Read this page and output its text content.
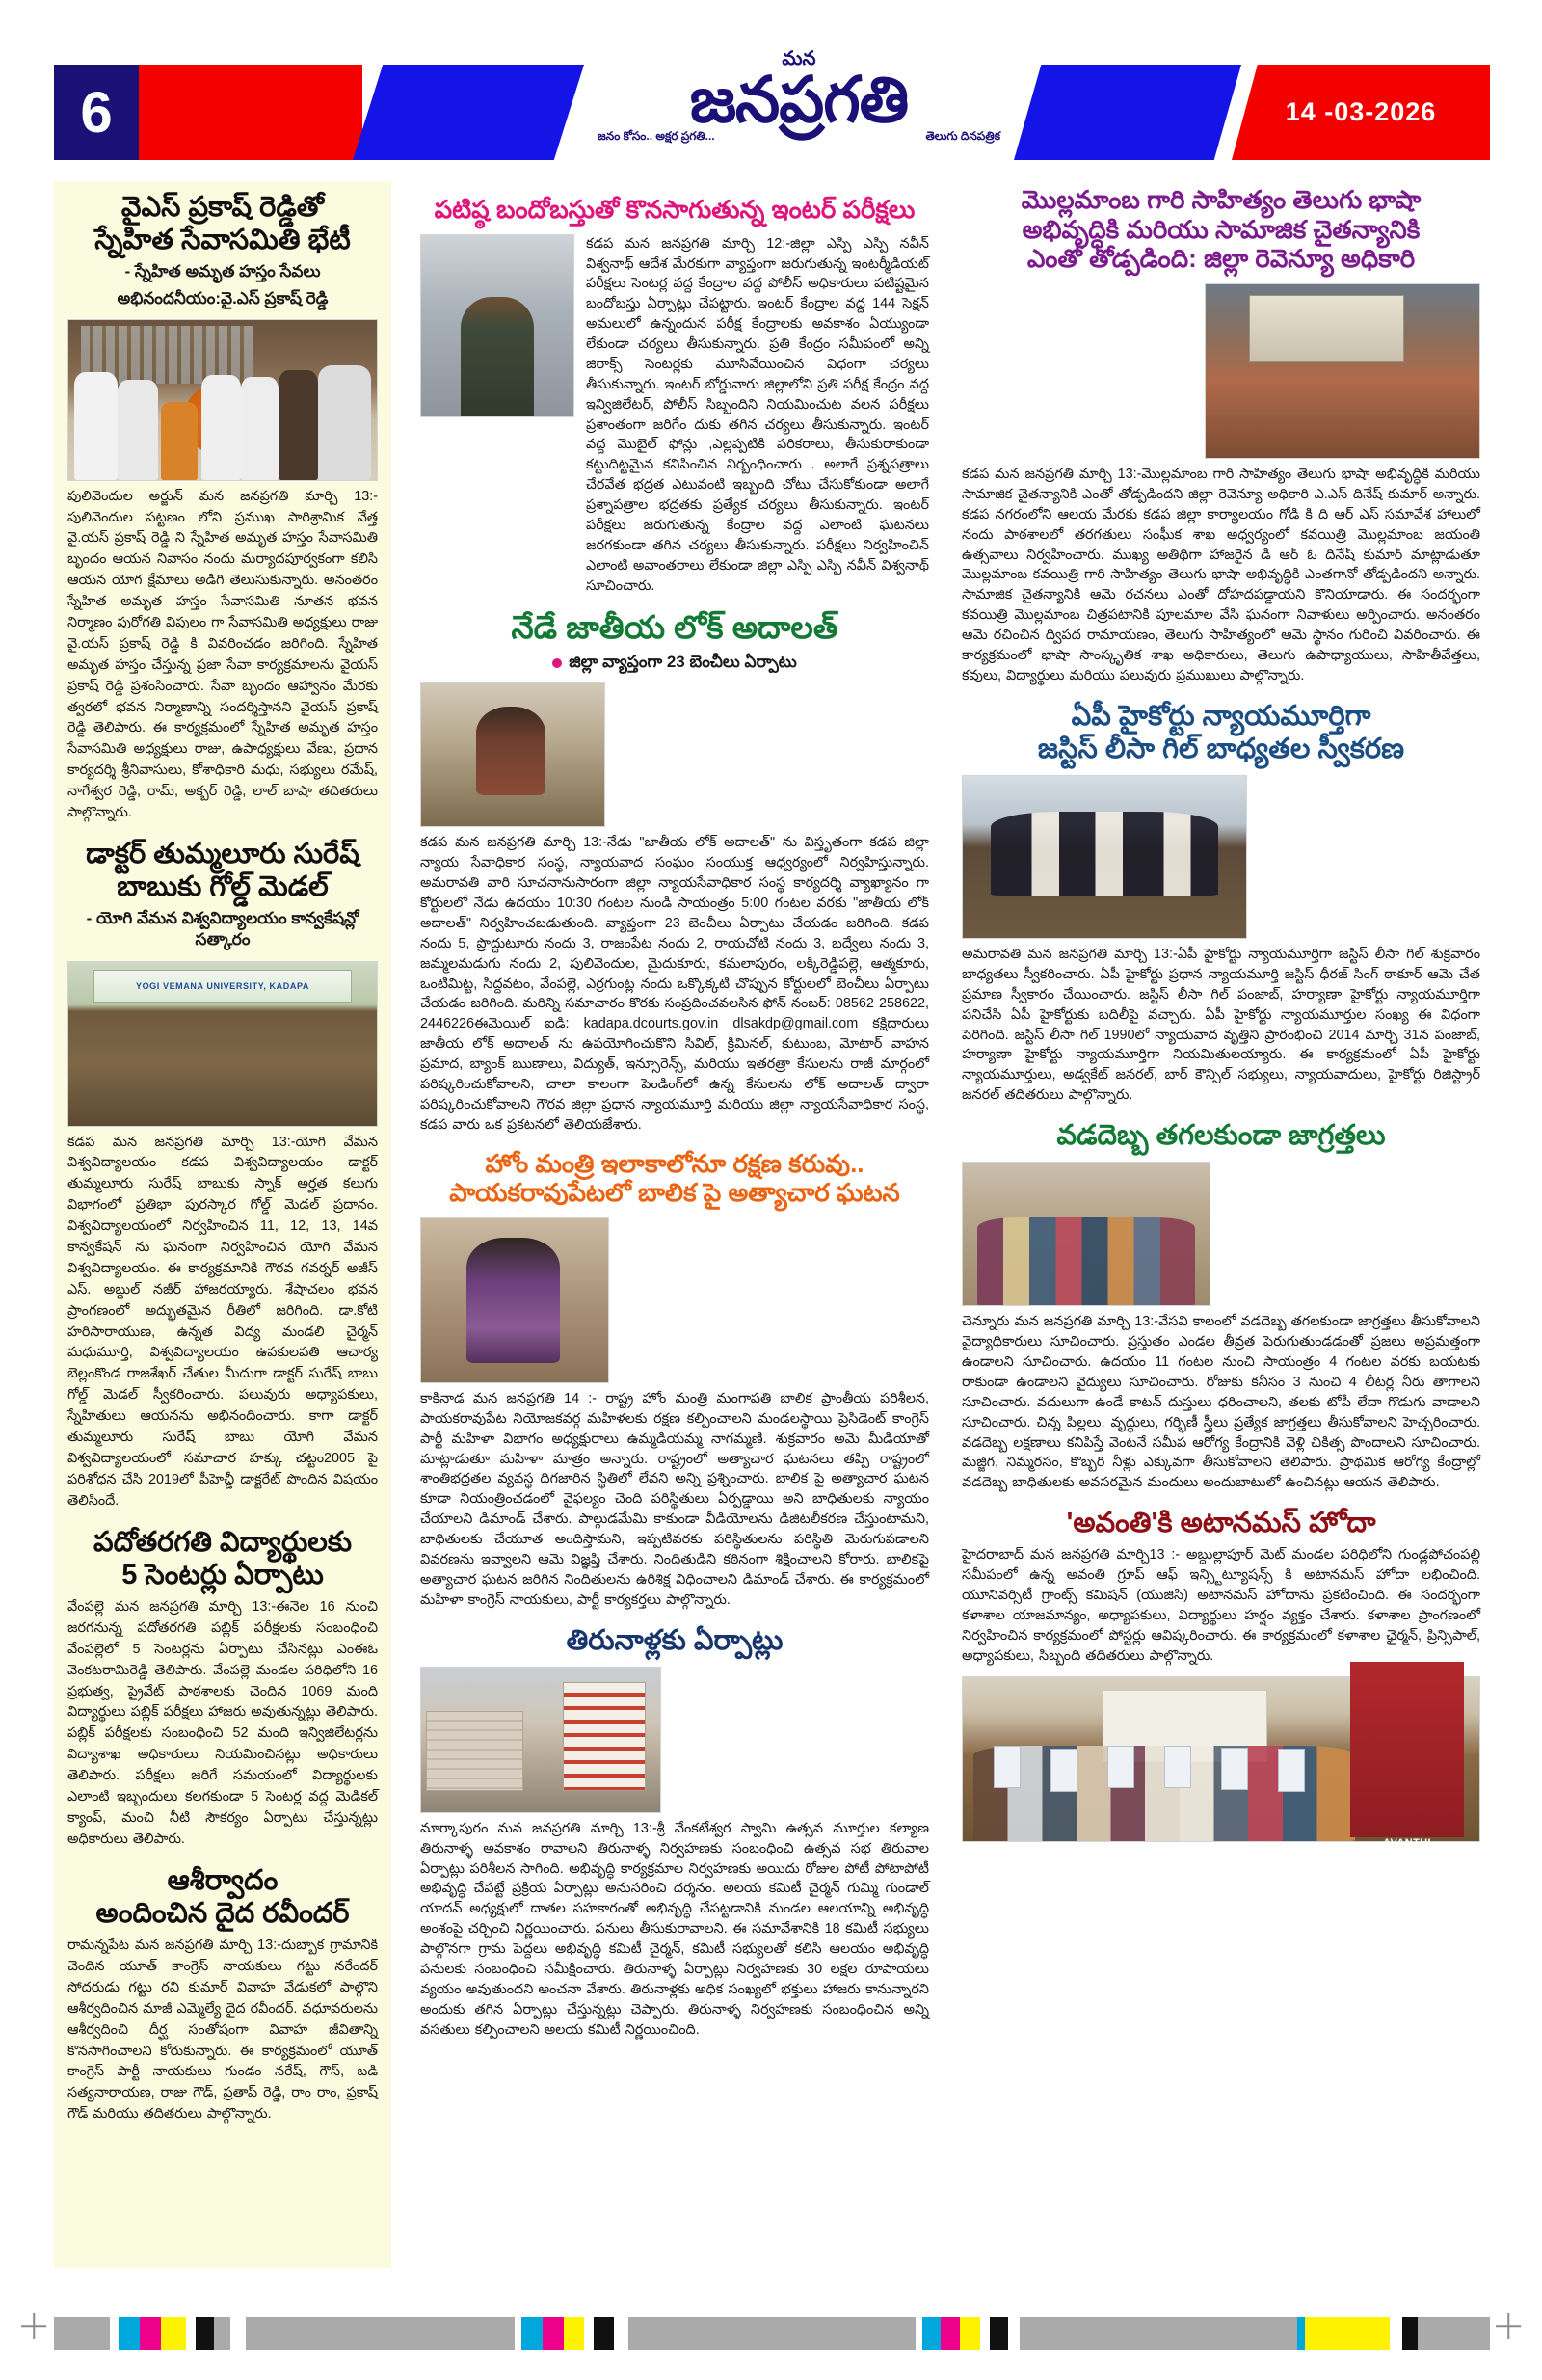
6
మన
జనప్రగతి
జనం కోసం.. అక్షర ప్రగతి...	తెలుగు దినపత్రిక
14 -03-2026
వైఎస్ ప్రకాష్ రెడ్డితో
స్నేహిత సేవాసమితి భేటీ
- స్నేహిత అమృత హస్తం సేవలు
అభినందనీయం:వై.ఎస్ ప్రకాష్ రెడ్డి
పులివెందుల అర్జున్ మన జనప్రగతి మార్చి 13:- పులివెందుల పట్టణం లోని ప్రముఖ పారిశ్రామిక వేత్త వై.యస్ ప్రకాష్ రెడ్డి ని స్నేహిత అమృత హస్తం సేవాసమితి బృందం ఆయన నివాసం నందు మర్యాదపూర్వకంగా కలిసి ఆయన యోగ క్షేమాలు అడిగి తెలుసుకున్నారు. అనంతరం స్నేహిత అమృత హస్తం సేవాసమితి నూతన భవన నిర్మాణం పురోగతి విపులం గా సేవాసమితి అధ్యక్షులు రాజు వై.యస్ ప్రకాష్ రెడ్డి కి వివరించడం జరిగింది. స్నేహిత అమృత హస్తం చేస్తున్న ప్రజా సేవా కార్యక్రమాలను వైయస్ ప్రకాష్ రెడ్డి ప్రశంసించారు. సేవా బృందం ఆహ్వానం మేరకు త్వరలో భవన నిర్మాణాన్ని సందర్శిస్తానని వైయస్ ప్రకాష్ రెడ్డి తెలిపారు. ఈ కార్యక్రమంలో స్నేహిత అమృత హస్తం సేవాసమితి అధ్యక్షులు రాజు, ఉపాధ్యక్షులు వేణు, ప్రధాన కార్యదర్శి శ్రీనివాసులు, కోశాధికారి మధు, సభ్యులు రమేష్, నాగేశ్వర రెడ్డి, రామ్, అక్బర్ రెడ్డి, లాల్ బాషా తదితరులు పాల్గొన్నారు.
డాక్టర్ తుమ్మలూరు సురేష్
బాబుకు గోల్డ్ మెడల్
- యోగి వేమన విశ్వవిద్యాలయం కాన్వకేషన్లో సత్కారం
YOGI VEMANA UNIVERSITY, KADAPA
కడప మన జనప్రగతి మార్చి 13:-యోగి వేమన విశ్వవిద్యాలయం కడప విశ్వవిద్యాలయం డాక్టర్ తుమ్మలూరు సురేష్ బాబుకు స్నాక్ అర్హత కలుగు విభాగంలో ప్రతిభా పురస్కార గోల్డ్ మెడల్ ప్రదానం. విశ్వవిద్యాలయంలో నిర్వహించిన 11, 12, 13, 14వ కాన్వకేషన్ ను ఘనంగా నిర్వహించిన యోగి వేమన విశ్వవిద్యాలయం. ఈ కార్యక్రమానికి గౌరవ గవర్నర్ అజీస్ ఎస్. అబ్దుల్ నజీర్ హాజరయ్యారు. శేషాచలం భవన ప్రాంగణంలో అద్భుతమైన రీతిలో జరిగింది. డా.కోటి హరిసారాయుణ, ఉన్నత విద్య మండలి చైర్మన్ మధుమూర్తి, విశ్వవిద్యాలయం ఉపకులపతి ఆచార్య బెల్లంకొండ రాజశేఖర్ చేతుల మీదుగా డాక్టర్ సురేష్ బాబు గోల్డ్ మెడల్ స్వీకరించారు. పలువురు అధ్యాపకులు, స్నేహితులు ఆయనను అభినందించారు. కాగా డాక్టర్ తుమ్మలూరు సురేష్ బాబు యోగి వేమన విశ్వవిద్యాలయంలో సమాచార హక్కు చట్టం2005 పై పరిశోధన చేసి 2019లో పీహెచ్డీ డాక్టరేట్ పొందిన విషయం తెలిసిందే.
పదోతరగతి విద్యార్థులకు
5 సెంటర్లు ఏర్పాటు
వేంపల్లె మన జనప్రగతి మార్చి 13:-ఈనెల 16 నుంచి జరగనున్న పదోతరగతి పబ్లిక్ పరీక్షలకు సంబంధించి వేంపల్లెలో 5 సెంటర్లను ఏర్పాటు చేసినట్లు ఎంఈఓ వెంకటరామిరెడ్డి తెలిపారు. వేంపల్లె మండల పరిధిలోని 16 ప్రభుత్వ, ప్రైవేట్ పాఠశాలకు చెందిన 1069 మంది విద్యార్థులు పబ్లిక్ పరీక్షలు హాజరు అవుతున్నట్లు తెలిపారు. పబ్లిక్ పరీక్షలకు సంబంధించి 52 మంది ఇన్విజిలేటర్లను విద్యాశాఖ అధికారులు నియమించినట్లు అధికారులు తెలిపారు. పరీక్షలు జరిగే సమయంలో విద్యార్థులకు ఎలాంటి ఇబ్బందులు కలగకుండా 5 సెంటర్ల వద్ద మెడికల్ క్యాంప్, మంచి నీటి సౌకర్యం ఏర్పాటు చేస్తున్నట్లు అధికారులు తెలిపారు.
ఆశీర్వాదం
అందించిన దైద రవీందర్
రామన్నపేట మన జనప్రగతి మార్చి 13:-దుబ్బాక గ్రామానికి చెందిన యూత్ కాంగ్రెస్ నాయకులు గట్టు నరేందర్ సోదరుడు గట్టు రవి కుమార్ వివాహ వేడుకలో పాల్గొని ఆశీర్వదించిన మాజీ ఎమ్మెల్యే దైద రవీందర్. వధూవరులను ఆశీర్వదించి దీర్ఘ సంతోషంగా వివాహ జీవితాన్ని కొనసాగించాలని కోరుకున్నారు. ఈ కార్యక్రమంలో యూత్ కాంగ్రెస్ పార్టీ నాయకులు గుండం నరేష్, గౌస్, బడి సత్యనారాయణ, రాజు గౌడ్, ప్రతాప్ రెడ్డి, రాం రాం, ప్రకాష్ గౌడ్ మరియు తదితరులు పాల్గొన్నారు.
పటిష్ఠ బందోబస్తుతో కొనసాగుతున్న ఇంటర్ పరీక్షలు
కడప మన జనప్రగతి మార్చి 12:-జిల్లా ఎస్పి ఎస్పి నవీన్ విశ్వనాథ్ ఆదేశ మేరకుగా వ్యాప్తంగా జరుగుతున్న ఇంటర్మీడియట్ పరీక్షలు సెంటర్ల వద్ద కేంద్రాల వద్ద పోలీస్ అధికారులు పటిష్టమైన బందోబస్తు ఏర్పాట్లు చేపట్టారు. ఇంటర్ కేంద్రాల వద్ద 144 సెక్షన్ అమలులో ఉన్నందున పరీక్ష కేంద్రాలకు అవకాశం ఏయ్యుండా లేకుండా చర్యలు తీసుకున్నారు. ప్రతి కేంద్రం సమీపంలో అన్ని జిరాక్స్ సెంటర్లకు మూసివేయించిన విధంగా చర్యలు తీసుకున్నారు. ఇంటర్ బోర్డువారు జిల్లాలోని ప్రతి పరీక్ష కేంద్రం వద్ద ఇన్విజిలేటర్, పోలీస్ సిబ్బందిని నియమించుట వలన పరీక్షలు ప్రశాంతంగా జరిగేం దుకు తగిన చర్యలు తీసుకున్నారు. ఇంటర్ వద్ద మొబైల్ ఫోన్లు ,ఎల్లప్పటికి పరికరాలు, తీసుకురాకుండా కట్టుదిట్టమైన కనిపించిన నిర్బంధించారు . అలాగే ప్రశ్నపత్రాలు చేరవేత భద్రత ఎటువంటి ఇబ్బంది చోటు చేసుకోకుండా అలాగే ప్రశ్నాపత్రాల భద్రతకు ప్రత్యేక చర్యలు తీసుకున్నారు. ఇంటర్ పరీక్షలు జరుగుతున్న కేంద్రాల వద్ద ఎలాంటి ఘటనలు జరగకుండా తగిన చర్యలు తీసుకున్నారు. పరీక్షలు నిర్వహించిన్ ఎలాంటి అవాంతరాలు లేకుండా జిల్లా ఎస్పి ఎస్పి నవీన్ విశ్వనాథ్ సూచించారు.
నేడే జాతీయ లోక్ అదాలత్
జిల్లా వ్యాప్తంగా 23 బెంచీలు ఏర్పాటు
కడప మన జనప్రగతి మార్చి 13:-నేడు "జాతీయ లోక్ అదాలత్" ను విస్తృతంగా కడప జిల్లా న్యాయ సేవాధికార సంస్థ, న్యాయవాద సంఘం సంయుక్త ఆధ్వర్యంలో నిర్వహిస్తున్నారు. అమరావతి వారి సూచనానుసారంగా జిల్లా న్యాయసేవాధికార సంస్థ కార్యదర్శి వ్యాఖ్యానం గా కోర్టులలో నేడు ఉదయం 10:30 గంటల నుండి సాయంత్రం 5:00 గంటల వరకు "జాతీయ లోక్ అదాలత్" నిర్వహించబడుతుంది. వ్యాప్తంగా 23 బెంచీలు ఏర్పాటు చేయడం జరిగింది. కడప నందు 5, ప్రొద్దుటూరు నందు 3, రాజంపేట నందు 2, రాయచోటి నందు 3, బద్వేలు నందు 3, జమ్మలమడుగు నందు 2, పులివెందుల, మైదుకూరు, కమలాపురం, లక్కిరెడ్డిపల్లె, ఆత్మకూరు, ఒంటిమిట్ట, సిద్దవటం, వేంపల్లె, ఎర్రగుంట్ల నందు ఒక్కొక్కటి చొప్పున కోర్టులలో బెంచీలు ఏర్పాటు చేయడం జరిగింది. మరిన్ని సమాచారం కొరకు సంప్రదించవలసిన ఫోన్ నంబర్: 08562 258622, 2446226ఈమెయిల్ ఐడి: kadapa.dcourts.gov.in dlsakdp@gmail.com కక్షిదారులు జాతీయ లోక్ అదాలత్ ను ఉపయోగించుకొని సివిల్, క్రిమినల్, కుటుంబ, మోటార్ వాహన ప్రమాద, బ్యాంక్ ఋణాలు, విద్యుత్, ఇన్సూరెన్స్, మరియు ఇతరత్రా కేసులను రాజీ మార్గంలో పరిష్కరించుకోవాలని, చాలా కాలంగా పెండింగ్‌లో ఉన్న కేసులను లోక్ అదాలత్ ద్వారా పరిష్కరించుకోవాలని గౌరవ జిల్లా ప్రధాన న్యాయమూర్తి మరియు జిల్లా న్యాయసేవాధికార సంస్థ, కడప వారు ఒక ప్రకటనలో తెలియజేశారు.
హోం మంత్రి ఇలాకాలోనూ రక్షణ కరువు..
పాయకరావుపేటలో బాలిక పై అత్యాచార ఘటన
కాకినాడ మన జనప్రగతి 14 :- రాష్ట్ర హోం మంత్రి మంగాపతి బాలిక ప్రాంతీయ పరిశీలన, పాయకరావుపేట నియోజకవర్గ మహిళలకు రక్షణ కల్పించాలని మండలస్థాయి ప్రెసిడెంట్ కాంగ్రెస్ పార్టీ మహిళా విభాగం అధ్యక్షురాలు ఉమ్మడియమ్మ నాగమ్మణి. శుక్రవారం అమె మీడియాతో మాట్లాడుతూ మహిళా మాత్రం అన్నారు. రాష్ట్రంలో అత్యాచార ఘటనలు తప్పి రాష్ట్రంలో శాంతిభద్రతల వ్యవస్థ దిగజారిన స్థితిలో లేవని అన్ని ప్రశ్నించారు. బాలిక పై అత్యాచార ఘటన కూడా నియంత్రించడంలో వైఫల్యం చెంది పరిస్థితులు ఏర్పడ్డాయి అని బాధితులకు న్యాయం చేయాలని డిమాండ్ చేశారు. పాల్గుడమేమి కాకుండా వీడియోలను డిజిటలీకరణ చేస్తుంటామని, బాధితులకు చేయూత అందిస్తామని, ఇప్పటివరకు పరిస్థితులను పరిస్థితి మెరుగుపడాలని వివరణను ఇవ్వాలని ఆమె విజ్ఞప్తి చేశారు. నిందితుడిని కఠినంగా శిక్షించాలని కోరారు. బాలికపై అత్యాచార ఘటన జరిగిన నిందితులను ఉరిశిక్ష విధించాలని డిమాండ్ చేశారు. ఈ కార్యక్రమంలో మహిళా కాంగ్రెస్ నాయకులు, పార్టీ కార్యకర్తలు పాల్గొన్నారు.
తిరునాళ్లకు ఏర్పాట్లు
మార్కాపురం మన జనప్రగతి మార్చి 13:-శ్రీ వేంకటేశ్వర స్వామి ఉత్సవ మూర్తుల కల్యాణ తిరునాళ్ళ అవకాశం రావాలని తిరునాళ్ళ నిర్వహణకు సంబంధించి ఉత్సవ సభ తిరువాల ఏర్పాట్లు పరిశీలన సాగింది. అభివృద్ధి కార్యక్రమాల నిర్వహణకు అయిదు రోజుల పోటీ పోటాపోటీ అభివృద్ధి చేపట్టే ప్రక్రియ ఏర్పాట్లు అనుసరించి దర్శనం. అలయ కమిటీ చైర్మన్ గుమ్మి గుండాల్ యాదవ్ అధ్యక్షులో దాతల సహకారంతో అభివృద్ధి చేపట్టడానికి మండల ఆలయాన్ని అభివృద్ధి అంశంపై చర్చించి నిర్ణయించారు. పనులు తీసుకురావాలని. ఈ సమావేశానికి 18 కమిటీ సభ్యులు పాల్గొనగా గ్రామ పెద్దలు అభివృద్ధి కమిటీ చైర్మన్, కమిటీ సభ్యులతో కలిసి ఆలయం అభివృద్ధి పనులకు సంబంధించి సమీక్షించారు. తిరునాళ్ళ ఏర్పాట్లు నిర్వహణకు 30 లక్షల రూపాయలు వ్యయం అవుతుందని అంచనా వేశారు. తిరునాళ్లకు అధిక సంఖ్యలో భక్తులు హాజరు కానున్నారని అందుకు తగిన ఏర్పాట్లు చేస్తున్నట్లు చెప్పారు. తిరునాళ్ళ నిర్వహణకు సంబంధించిన అన్ని వసతులు కల్పించాలని అలయ కమిటీ నిర్ణయించింది.
మొల్లమాంబ గారి సాహిత్యం తెలుగు భాషా
అభివృద్ధికి మరియు సామాజిక చైతన్యానికి
ఎంతో తోడ్పడింది: జిల్లా రెవెన్యూ అధికారి
కడప మన జనప్రగతి మార్చి 13:-మొల్లమాంబ గారి సాహిత్యం తెలుగు భాషా అభివృద్ధికి మరియు సామాజిక చైతన్యానికి ఎంతో తోడ్పడిందని జిల్లా రెవెన్యూ అధికారి ఎ.ఎస్ దినేష్ కుమార్ అన్నారు. కడప నగరంలోని ఆలయ మేరకు కడప జిల్లా కార్యాలయం గోడి కి ది ఆర్ ఎస్ సమావేశ హాలులో నందు పాఠశాలలో తరగతులు సంఘీక శాఖ అధ్వర్యంలో కవయిత్రి మొల్లమాంబ జయంతి ఉత్సవాలు నిర్వహించారు. ముఖ్య అతిథిగా హాజరైన డి ఆర్ ఓ దినేష్ కుమార్ మాట్లాడుతూ మొల్లమాంబ కవయిత్రి గారి సాహిత్యం తెలుగు భాషా అభివృద్ధికి ఎంతగానో తోడ్పడిందని అన్నారు. సామాజిక చైతన్యానికి ఆమె రచనలు ఎంతో దోహదపడ్డాయని కొనియాడారు. ఈ సందర్భంగా కవయిత్రి మొల్లమాంబ చిత్రపటానికి పూలమాల వేసి ఘనంగా నివాళులు అర్పించారు. అనంతరం ఆమె రచించిన ద్విపద రామాయణం, తెలుగు సాహిత్యంలో ఆమె స్థానం గురించి వివరించారు. ఈ కార్యక్రమంలో భాషా సాంస్కృతిక శాఖ అధికారులు, తెలుగు ఉపాధ్యాయులు, సాహితీవేత్తలు, కవులు, విద్యార్థులు మరియు పలువురు ప్రముఖులు పాల్గొన్నారు.
ఏపీ హైకోర్టు న్యాయమూర్తిగా
జస్టిస్ లీసా గిల్ బాధ్యతల స్వీకరణ
అమరావతి మన జనప్రగతి మార్చి 13:-ఏపీ హైకోర్టు న్యాయమూర్తిగా జస్టిస్ లీసా గిల్ శుక్రవారం బాధ్యతలు స్వీకరించారు. ఏపీ హైకోర్టు ప్రధాన న్యాయమూర్తి జస్టిస్ ధీరజ్ సింగ్ ఠాకూర్ ఆమె చేత ప్రమాణ స్వీకారం చేయించారు. జస్టిస్ లీసా గిల్ పంజాబ్, హర్యాణా హైకోర్టు న్యాయమూర్తిగా పనిచేసి ఏపీ హైకోర్టుకు బదిలీపై వచ్చారు. ఏపీ హైకోర్టు న్యాయమూర్తుల సంఖ్య ఈ విధంగా పెరిగింది. జస్టిస్ లీసా గిల్ 1990లో న్యాయవాద వృత్తిని ప్రారంభించి 2014 మార్చి 31న పంజాబ్, హర్యాణా హైకోర్టు న్యాయమూర్తిగా నియమితులయ్యారు. ఈ కార్యక్రమంలో ఏపీ హైకోర్టు న్యాయమూర్తులు, అడ్వకేట్ జనరల్, బార్ కౌన్సిల్ సభ్యులు, న్యాయవాదులు, హైకోర్టు రిజిస్ట్రార్ జనరల్ తదితరులు పాల్గొన్నారు.
వడదెబ్బ తగలకుండా జాగ్రత్తలు
చెన్నూరు మన జనప్రగతి మార్చి 13:-వేసవి కాలంలో వడదెబ్బ తగలకుండా జాగ్రత్తలు తీసుకోవాలని వైద్యాధికారులు సూచించారు. ప్రస్తుతం ఎండల తీవ్రత పెరుగుతుండడంతో ప్రజలు అప్రమత్తంగా ఉండాలని సూచించారు. ఉదయం 11 గంటల నుంచి సాయంత్రం 4 గంటల వరకు బయటకు రాకుండా ఉండాలని వైద్యులు సూచించారు. రోజుకు కనీసం 3 నుంచి 4 లీటర్ల నీరు తాగాలని సూచించారు. వదులుగా ఉండే కాటన్ దుస్తులు ధరించాలని, తలకు టోపీ లేదా గొడుగు వాడాలని సూచించారు. చిన్న పిల్లలు, వృద్ధులు, గర్భిణీ స్త్రీలు ప్రత్యేక జాగ్రత్తలు తీసుకోవాలని హెచ్చరించారు. వడదెబ్బ లక్షణాలు కనిపిస్తే వెంటనే సమీప ఆరోగ్య కేంద్రానికి వెళ్లి చికిత్స పొందాలని సూచించారు. మజ్జిగ, నిమ్మరసం, కొబ్బరి నీళ్లు ఎక్కువగా తీసుకోవాలని తెలిపారు. ప్రాథమిక ఆరోగ్య కేంద్రాల్లో వడదెబ్బ బాధితులకు అవసరమైన మందులు అందుబాటులో ఉంచినట్లు ఆయన తెలిపారు.
'అవంతి'కి అటానమస్ హోదా
హైదరాబాద్ మన జనప్రగతి మార్చి13 :- అబ్దుల్లాపూర్ మెట్ మండల పరిధిలోని గుండ్లపోచంపల్లి సమీపంలో ఉన్న అవంతి గ్రూప్ ఆఫ్ ఇన్స్టిట్యూషన్స్ కి అటానమస్ హోదా లభించింది. యూనివర్సిటీ గ్రాంట్స్ కమిషన్ (యుజిసి) అటానమస్ హోదాను ప్రకటించింది. ఈ సందర్భంగా కళాశాల యాజమాన్యం, అధ్యాపకులు, విద్యార్థులు హర్షం వ్యక్తం చేశారు. కళాశాల ప్రాంగణంలో నిర్వహించిన కార్యక్రమంలో పోస్టర్లు ఆవిష్కరించారు. ఈ కార్యక్రమంలో కళాశాల ఛైర్మన్, ప్రిన్సిపాల్, అధ్యాపకులు, సిబ్బంది తదితరులు పాల్గొన్నారు.
AVANTHI
GROUP
OF
INSTITUTIONS
